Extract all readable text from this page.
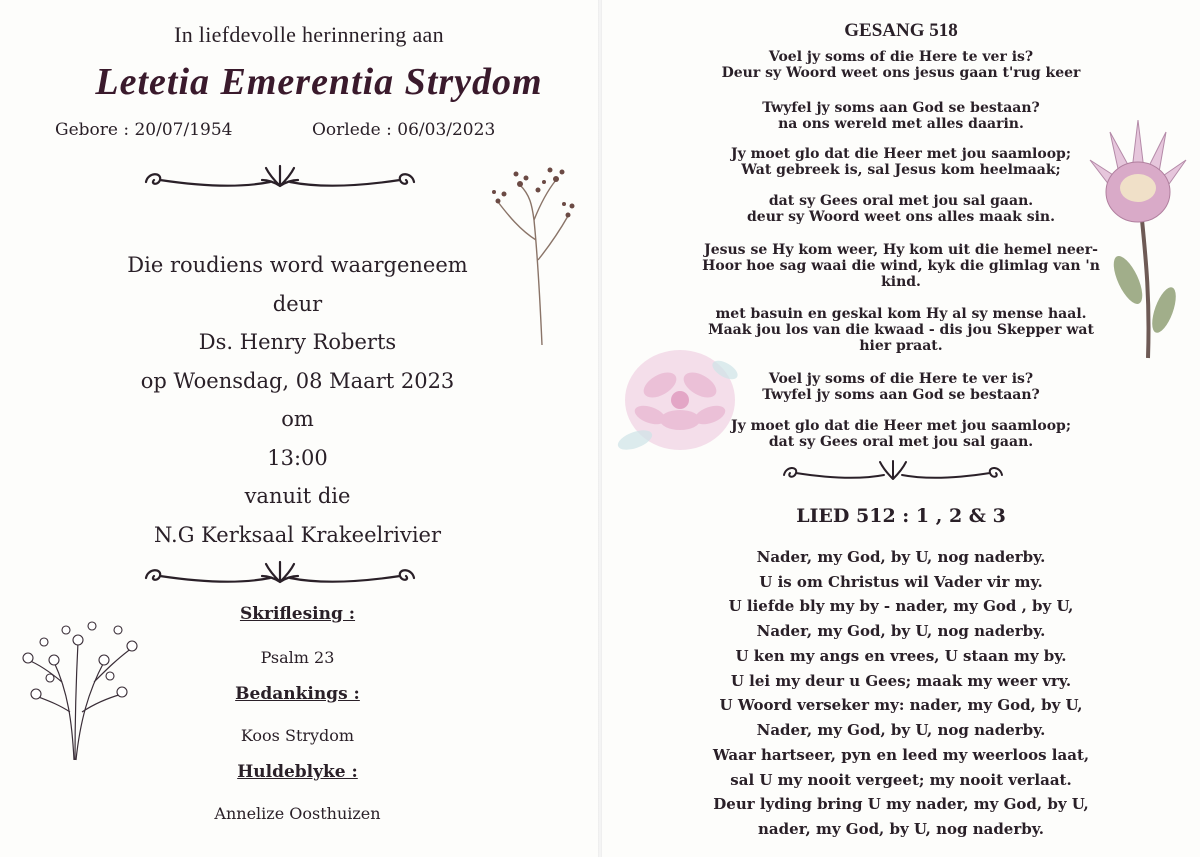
In liefdevolle herinnering aan
Letetia Emerentia Strydom
Gebore : 20/07/1954	Oorlede : 06/03/2023
Die roudiens word waargeneem
deur
Ds. Henry Roberts
op Woensdag, 08 Maart 2023
om
13:00
vanuit die
N.G Kerksaal Krakeelrivier
Skriflesing :
Psalm 23
Bedankings :
Koos Strydom
Huldeblyke :
Annelize Oosthuizen
GESANG 518
Voel jy soms of die Here te ver is?
Deur sy Woord weet ons jesus gaan t'rug keer
Twyfel jy soms aan God se bestaan?
na ons wereld met alles daarin.
Jy moet glo dat die Heer met jou saamloop;
Wat gebreek is, sal Jesus kom heelmaak;
dat sy Gees oral met jou sal gaan.
deur sy Woord weet ons alles maak sin.
Jesus se Hy kom weer, Hy kom uit die hemel neer-
Hoor hoe sag waai die wind, kyk die glimlag van 'n
kind.
met basuin en geskal kom Hy al sy mense haal.
Maak jou los van die kwaad - dis jou Skepper wat
hier praat.
Voel jy soms of die Here te ver is?
Twyfel jy soms aan God se bestaan?
Jy moet glo dat die Heer met jou saamloop;
dat sy Gees oral met jou sal gaan.
LIED 512 : 1 , 2 & 3
Nader, my God, by U, nog naderby.
U is om Christus wil Vader vir my.
U liefde bly my by - nader, my God , by U,
Nader, my God, by U, nog naderby.
U ken my angs en vrees, U staan my by.
U lei my deur u Gees; maak my weer vry.
U Woord verseker my: nader, my God, by U,
Nader, my God, by U, nog naderby.
Waar hartseer, pyn en leed my weerloos laat,
sal U my nooit vergeet; my nooit verlaat.
Deur lyding bring U my nader, my God, by U,
nader, my God, by U, nog naderby.
